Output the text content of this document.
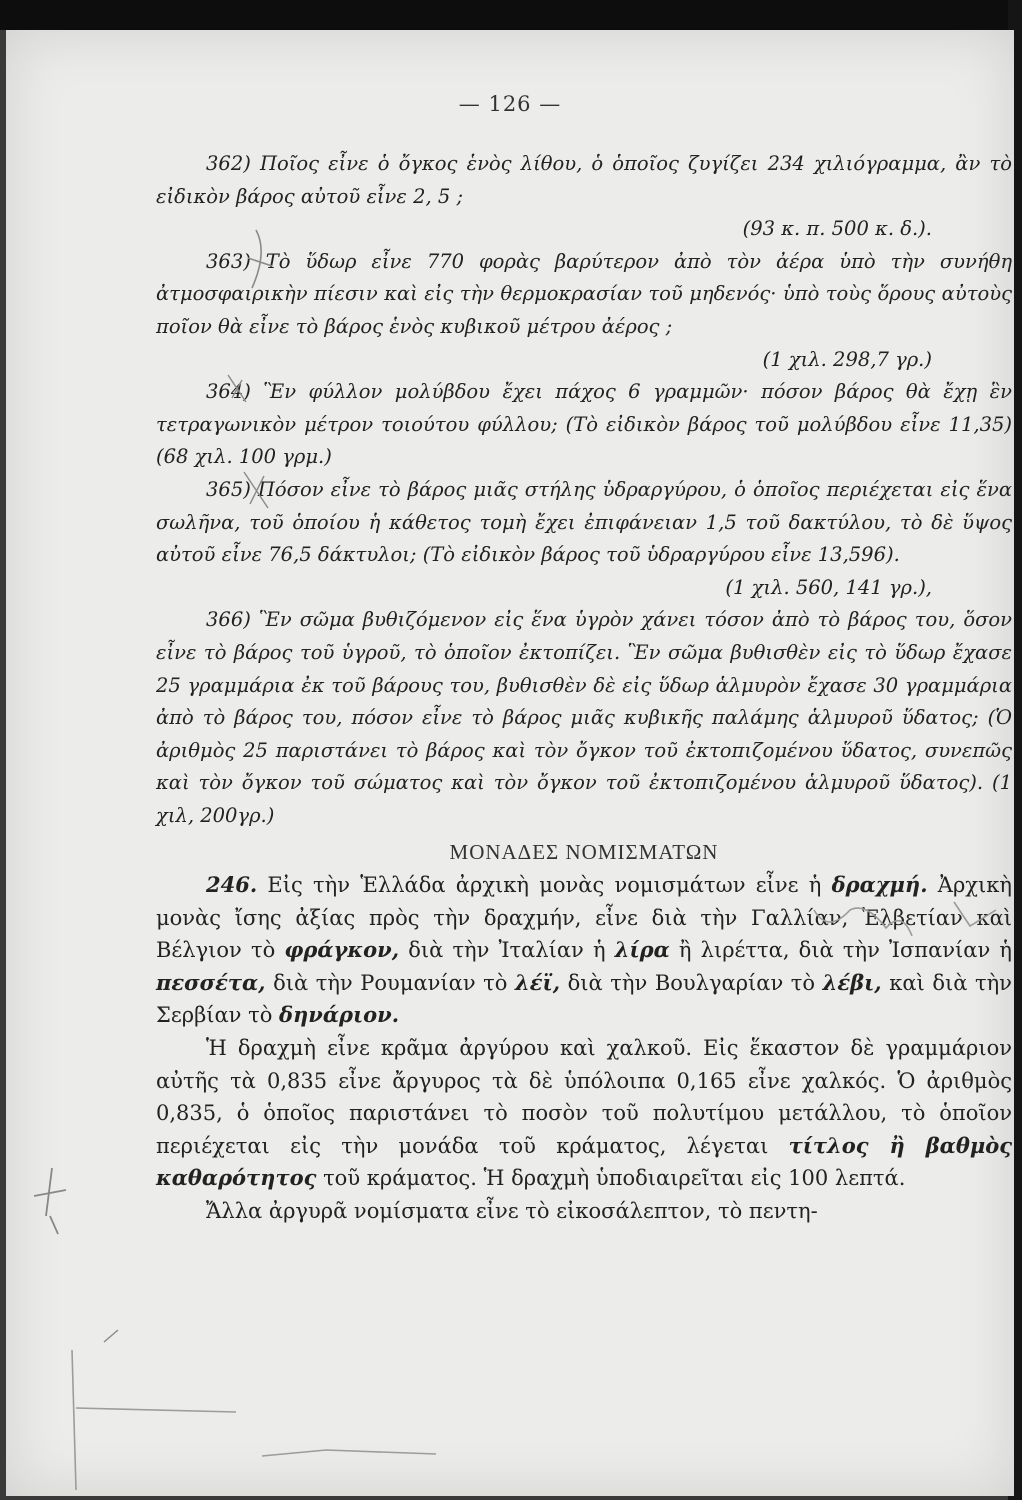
— 126 —

362) Ποῖος εἶνε ὁ ὄγκος ἑνὸς λίθου, ὁ ὁποῖος ζυγίζει 234 χιλιόγραμμα, ἂν τὸ εἰδικὸν βάρος αὐτοῦ εἶνε 2, 5 ;

(93 κ. π. 500 κ. δ.).

363) Τὸ ὕδωρ εἶνε 770 φορὰς βαρύτερον ἀπὸ τὸν ἀέρα ὑπὸ τὴν συνήθη ἀτμοσφαιρικὴν πίεσιν καὶ εἰς τὴν θερμοκρασίαν τοῦ μηδενός· ὑπὸ τοὺς ὅρους αὐτοὺς ποῖον θὰ εἶνε τὸ βάρος ἑνὸς κυβικοῦ μέτρου ἀέρος ;

(1 χιλ. 298,7 γρ.)

364) Ἓν φύλλον μολύβδου ἔχει πάχος 6 γραμμῶν· πόσον βάρος θὰ ἔχῃ ἓν τετραγωνικὸν μέτρον τοιούτου φύλλου; (Τὸ εἰδικὸν βάρος τοῦ μολύβδου εἶνε 11,35) (68 χιλ. 100 γρμ.)

365) Πόσον εἶνε τὸ βάρος μιᾶς στήλης ὑδραργύρου, ὁ ὁποῖος περιέχεται εἰς ἕνα σωλῆνα, τοῦ ὁποίου ἡ κάθετος τομὴ ἔχει ἐπιφάνειαν 1,5 τοῦ δακτύλου, τὸ δὲ ὕψος αὐτοῦ εἶνε 76,5 δάκτυλοι; (Τὸ εἰδικὸν βάρος τοῦ ὑδραργύρου εἶνε 13,596).

(1 χιλ. 560, 141 γρ.),

366) Ἓν σῶμα βυθιζόμενον εἰς ἕνα ὑγρὸν χάνει τόσον ἀπὸ τὸ βάρος του, ὅσον εἶνε τὸ βάρος τοῦ ὑγροῦ, τὸ ὁποῖον ἐκτοπίζει. Ἓν σῶμα βυθισθὲν εἰς τὸ ὕδωρ ἔχασε 25 γραμμάρια ἐκ τοῦ βάρους του, βυθισθὲν δὲ εἰς ὕδωρ ἁλμυρὸν ἔχασε 30 γραμμάρια ἀπὸ τὸ βάρος του, πόσον εἶνε τὸ βάρος μιᾶς κυβικῆς παλάμης ἁλμυροῦ ὕδατος; (Ὁ ἀριθμὸς 25 παριστάνει τὸ βάρος καὶ τὸν ὄγκον τοῦ ἐκτοπιζομένου ὕδατος, συνεπῶς καὶ τὸν ὄγκον τοῦ σώματος καὶ τὸν ὄγκον τοῦ ἐκτοπιζομένου ἁλμυροῦ ὕδατος). (1 χιλ, 200γρ.)

ΜΟΝΑΔΕΣ ΝΟΜΙΣΜΑΤΩΝ

246. Εἰς τὴν Ἑλλάδα ἀρχικὴ μονὰς νομισμάτων εἶνε ἡ δραχμή. Ἀρχικὴ μονὰς ἴσης ἀξίας πρὸς τὴν δραχμήν, εἶνε διὰ τὴν Γαλλίαν, Ἑλβετίαν καὶ Βέλγιον τὸ φράγκον, διὰ τὴν Ἰταλίαν ἡ λίρα ἢ λιρέττα, διὰ τὴν Ἰσπανίαν ἡ πεσσέτα, διὰ τὴν Ρουμανίαν τὸ λέϊ, διὰ τὴν Βουλγαρίαν τὸ λέβι, καὶ διὰ τὴν Σερβίαν τὸ δηνάριον.

Ἡ δραχμὴ εἶνε κρᾶμα ἀργύρου καὶ χαλκοῦ. Εἰς ἕκαστον δὲ γραμμάριον αὐτῆς τὰ 0,835 εἶνε ἄργυρος τὰ δὲ ὑπόλοιπα 0,165 εἶνε χαλκός. Ὁ ἀριθμὸς 0,835, ὁ ὁποῖος παριστάνει τὸ ποσὸν τοῦ πολυτίμου μετάλλου, τὸ ὁποῖον περιέχεται εἰς τὴν μονάδα τοῦ κράματος, λέγεται τίτλος ἢ βαθμὸς καθαρότητος τοῦ κράματος. Ἡ δραχμὴ ὑποδιαιρεῖται εἰς 100 λεπτά.

Ἄλλα ἀργυρᾶ νομίσματα εἶνε τὸ εἰκοσάλεπτον, τὸ πεντη-
